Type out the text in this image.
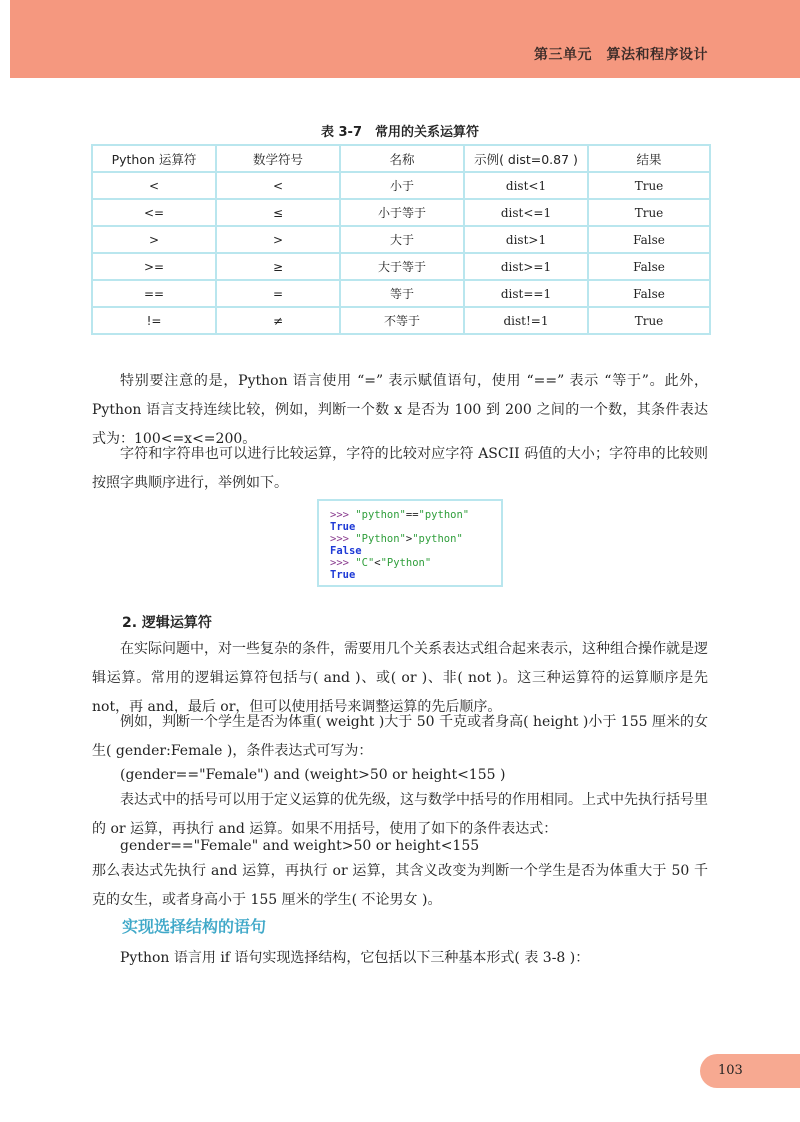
第三单元　算法和程序设计
表 3-7　常用的关系运算符
Python 运算符	数学符号	名称	示例( dist=0.87 )	结果
<	<	小于	dist<1	True
<=	≤	小于等于	dist<=1	True
>	>	大于	dist>1	False
>=	≥	大于等于	dist>=1	False
==	=	等于	dist==1	False
!=	≠	不等于	dist!=1	True
特别要注意的是，Python 语言使用 “=” 表示赋值语句，使用 “==” 表示 “等于”。此外，Python 语言支持连续比较，例如，判断一个数 x 是否为 100 到 200 之间的一个数，其条件表达式为：100<=x<=200。
字符和字符串也可以进行比较运算，字符的比较对应字符 ASCII 码值的大小；字符串的比较则按照字典顺序进行，举例如下。
>>> "python"=="python"
True
>>> "Python">"python"
False
>>> "C"<"Python"
True
2. 逻辑运算符
在实际问题中，对一些复杂的条件，需要用几个关系表达式组合起来表示，这种组合操作就是逻辑运算。常用的逻辑运算符包括与( and )、或( or )、非( not )。这三种运算符的运算顺序是先 not，再 and，最后 or，但可以使用括号来调整运算的先后顺序。
例如，判断一个学生是否为体重( weight )大于 50 千克或者身高( height )小于 155 厘米的女生( gender:Female )，条件表达式可写为：
(gender=="Female") and (weight>50 or height<155 )
表达式中的括号可以用于定义运算的优先级，这与数学中括号的作用相同。上式中先执行括号里的 or 运算，再执行 and 运算。如果不用括号，使用了如下的条件表达式：
gender=="Female" and weight>50 or height<155
那么表达式先执行 and 运算，再执行 or 运算，其含义改变为判断一个学生是否为体重大于 50 千克的女生，或者身高小于 155 厘米的学生( 不论男女 )。
实现选择结构的语句
Python 语言用 if 语句实现选择结构，它包括以下三种基本形式( 表 3-8 )：
103
